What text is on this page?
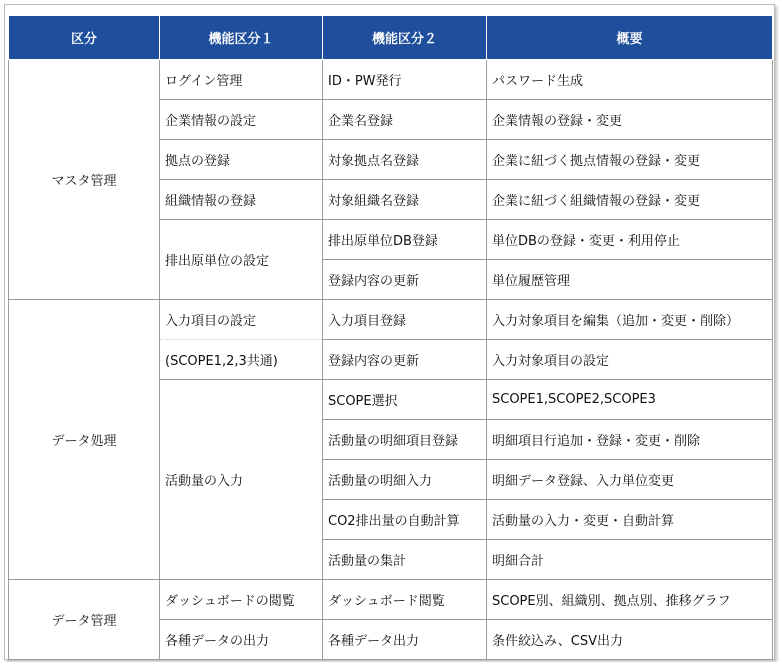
区分	機能区分１	機能区分２	概要
マスタ管理	ログイン管理	ID・PW発行	パスワード生成
	企業情報の設定	企業名登録	企業情報の登録・変更
	拠点の登録	対象拠点名登録	企業に紐づく拠点情報の登録・変更
	組織情報の登録	対象組織名登録	企業に紐づく組織情報の登録・変更
	排出原単位の設定	排出原単位DB登録	単位DBの登録・変更・利用停止
		登録内容の更新	単位履歴管理
データ処理	入力項目の設定	入力項目登録	入力対象項目を編集（追加・変更・削除）
	(SCOPE1,2,3共通)	登録内容の更新	入力対象項目の設定
	活動量の入力	SCOPE選択	SCOPE1,SCOPE2,SCOPE3
		活動量の明細項目登録	明細項目行追加・登録・変更・削除
		活動量の明細入力	明細データ登録、入力単位変更
		CO2排出量の自動計算	活動量の入力・変更・自動計算
		活動量の集計	明細合計
データ管理	ダッシュボードの閲覧	ダッシュボード閲覧	SCOPE別、組織別、拠点別、推移グラフ
	各種データの出力	各種データ出力	条件絞込み、CSV出力
